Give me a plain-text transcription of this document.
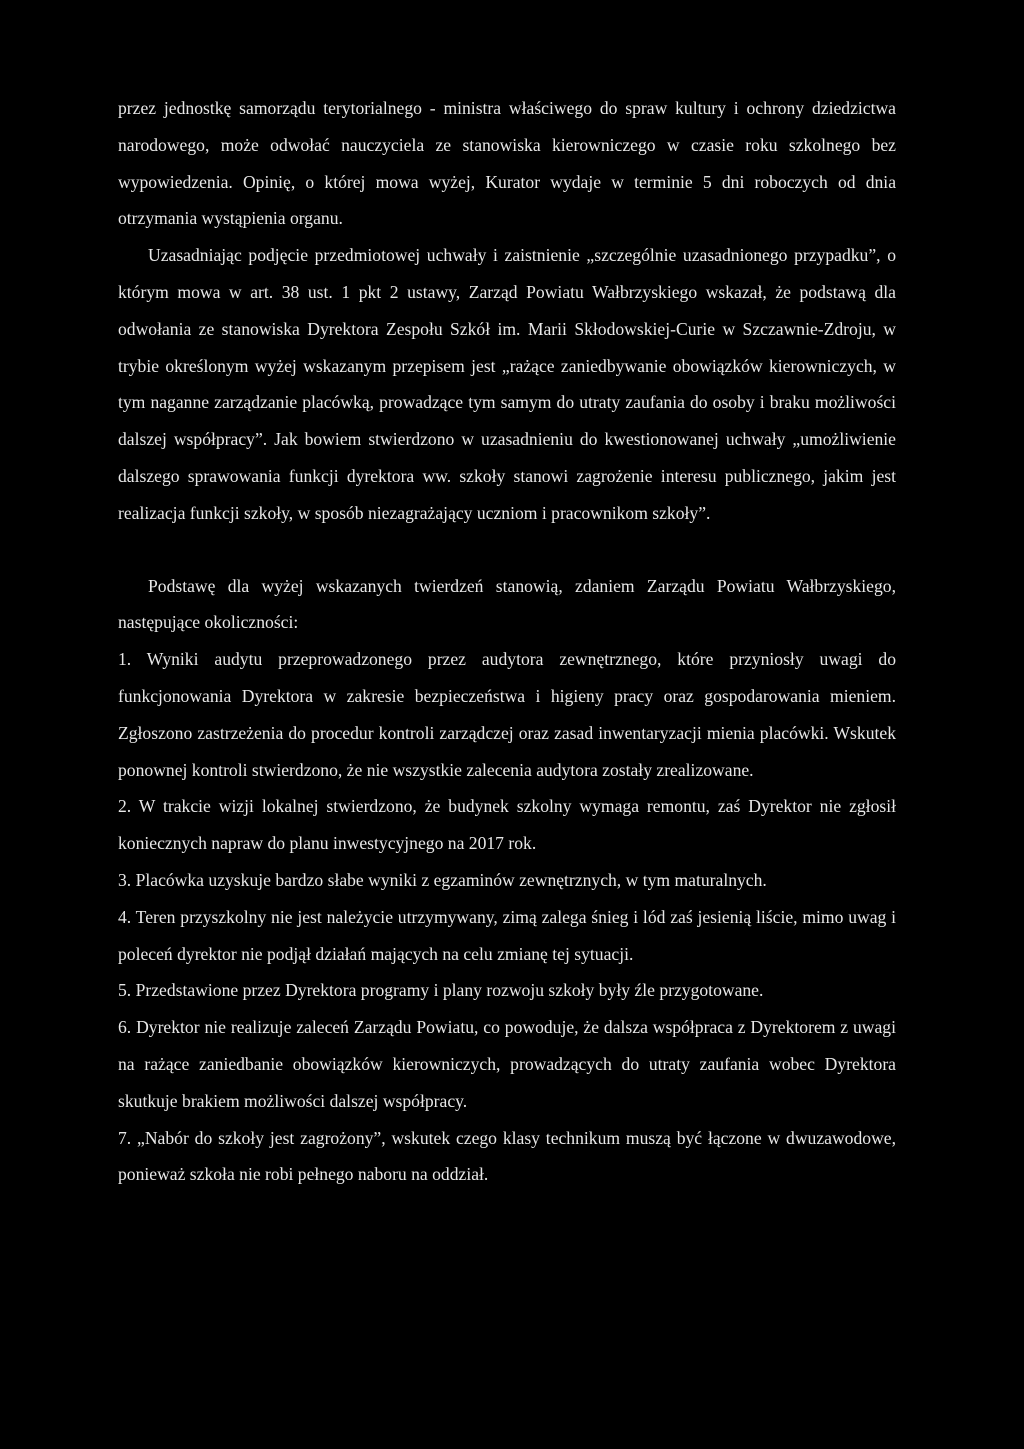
przez jednostkę samorządu terytorialnego - ministra właściwego do spraw kultury i ochrony dziedzictwa narodowego, może odwołać nauczyciela ze stanowiska kierowniczego w czasie roku szkolnego bez wypowiedzenia. Opinię, o której mowa wyżej, Kurator wydaje w terminie 5 dni roboczych od dnia otrzymania wystąpienia organu.

Uzasadniając podjęcie przedmiotowej uchwały i zaistnienie „szczególnie uzasadnionego przypadku”, o którym mowa w art. 38 ust. 1 pkt 2 ustawy, Zarząd Powiatu Wałbrzyskiego wskazał, że podstawą dla odwołania ze stanowiska Dyrektora Zespołu Szkół im. Marii Skłodowskiej-Curie w Szczawnie-Zdroju, w trybie określonym wyżej wskazanym przepisem jest „rażące zaniedbywanie obowiązków kierowniczych, w tym naganne zarządzanie placówką, prowadzące tym samym do utraty zaufania do osoby i braku możliwości dalszej współpracy”. Jak bowiem stwierdzono w uzasadnieniu do kwestionowanej uchwały „umożliwienie dalszego sprawowania funkcji dyrektora ww. szkoły stanowi zagrożenie interesu publicznego, jakim jest realizacja funkcji szkoły, w sposób niezagrażający uczniom i pracownikom szkoły”.

Podstawę dla wyżej wskazanych twierdzeń stanowią, zdaniem Zarządu Powiatu Wałbrzyskiego, następujące okoliczności:

1. Wyniki audytu przeprowadzonego przez audytora zewnętrznego, które przyniosły uwagi do funkcjonowania Dyrektora w zakresie bezpieczeństwa i higieny pracy oraz gospodarowania mieniem. Zgłoszono zastrzeżenia do procedur kontroli zarządczej oraz zasad inwentaryzacji mienia placówki. Wskutek ponownej kontroli stwierdzono, że nie wszystkie zalecenia audytora zostały zrealizowane.

2. W trakcie wizji lokalnej stwierdzono, że budynek szkolny wymaga remontu, zaś Dyrektor nie zgłosił koniecznych napraw do planu inwestycyjnego na 2017 rok.

3. Placówka uzyskuje bardzo słabe wyniki z egzaminów zewnętrznych, w tym maturalnych.

4. Teren przyszkolny nie jest należycie utrzymywany, zimą zalega śnieg i lód zaś jesienią liście, mimo uwag i poleceń dyrektor nie podjął działań mających na celu zmianę tej sytuacji.

5. Przedstawione przez Dyrektora programy i plany rozwoju szkoły były źle przygotowane.

6. Dyrektor nie realizuje zaleceń Zarządu Powiatu, co powoduje, że dalsza współpraca z Dyrektorem z uwagi na rażące zaniedbanie obowiązków kierowniczych, prowadzących do utraty zaufania wobec Dyrektora skutkuje brakiem możliwości dalszej współpracy.

7. „Nabór do szkoły jest zagrożony”, wskutek czego klasy technikum muszą być łączone w dwuzawodowe, ponieważ szkoła nie robi pełnego naboru na oddział.
